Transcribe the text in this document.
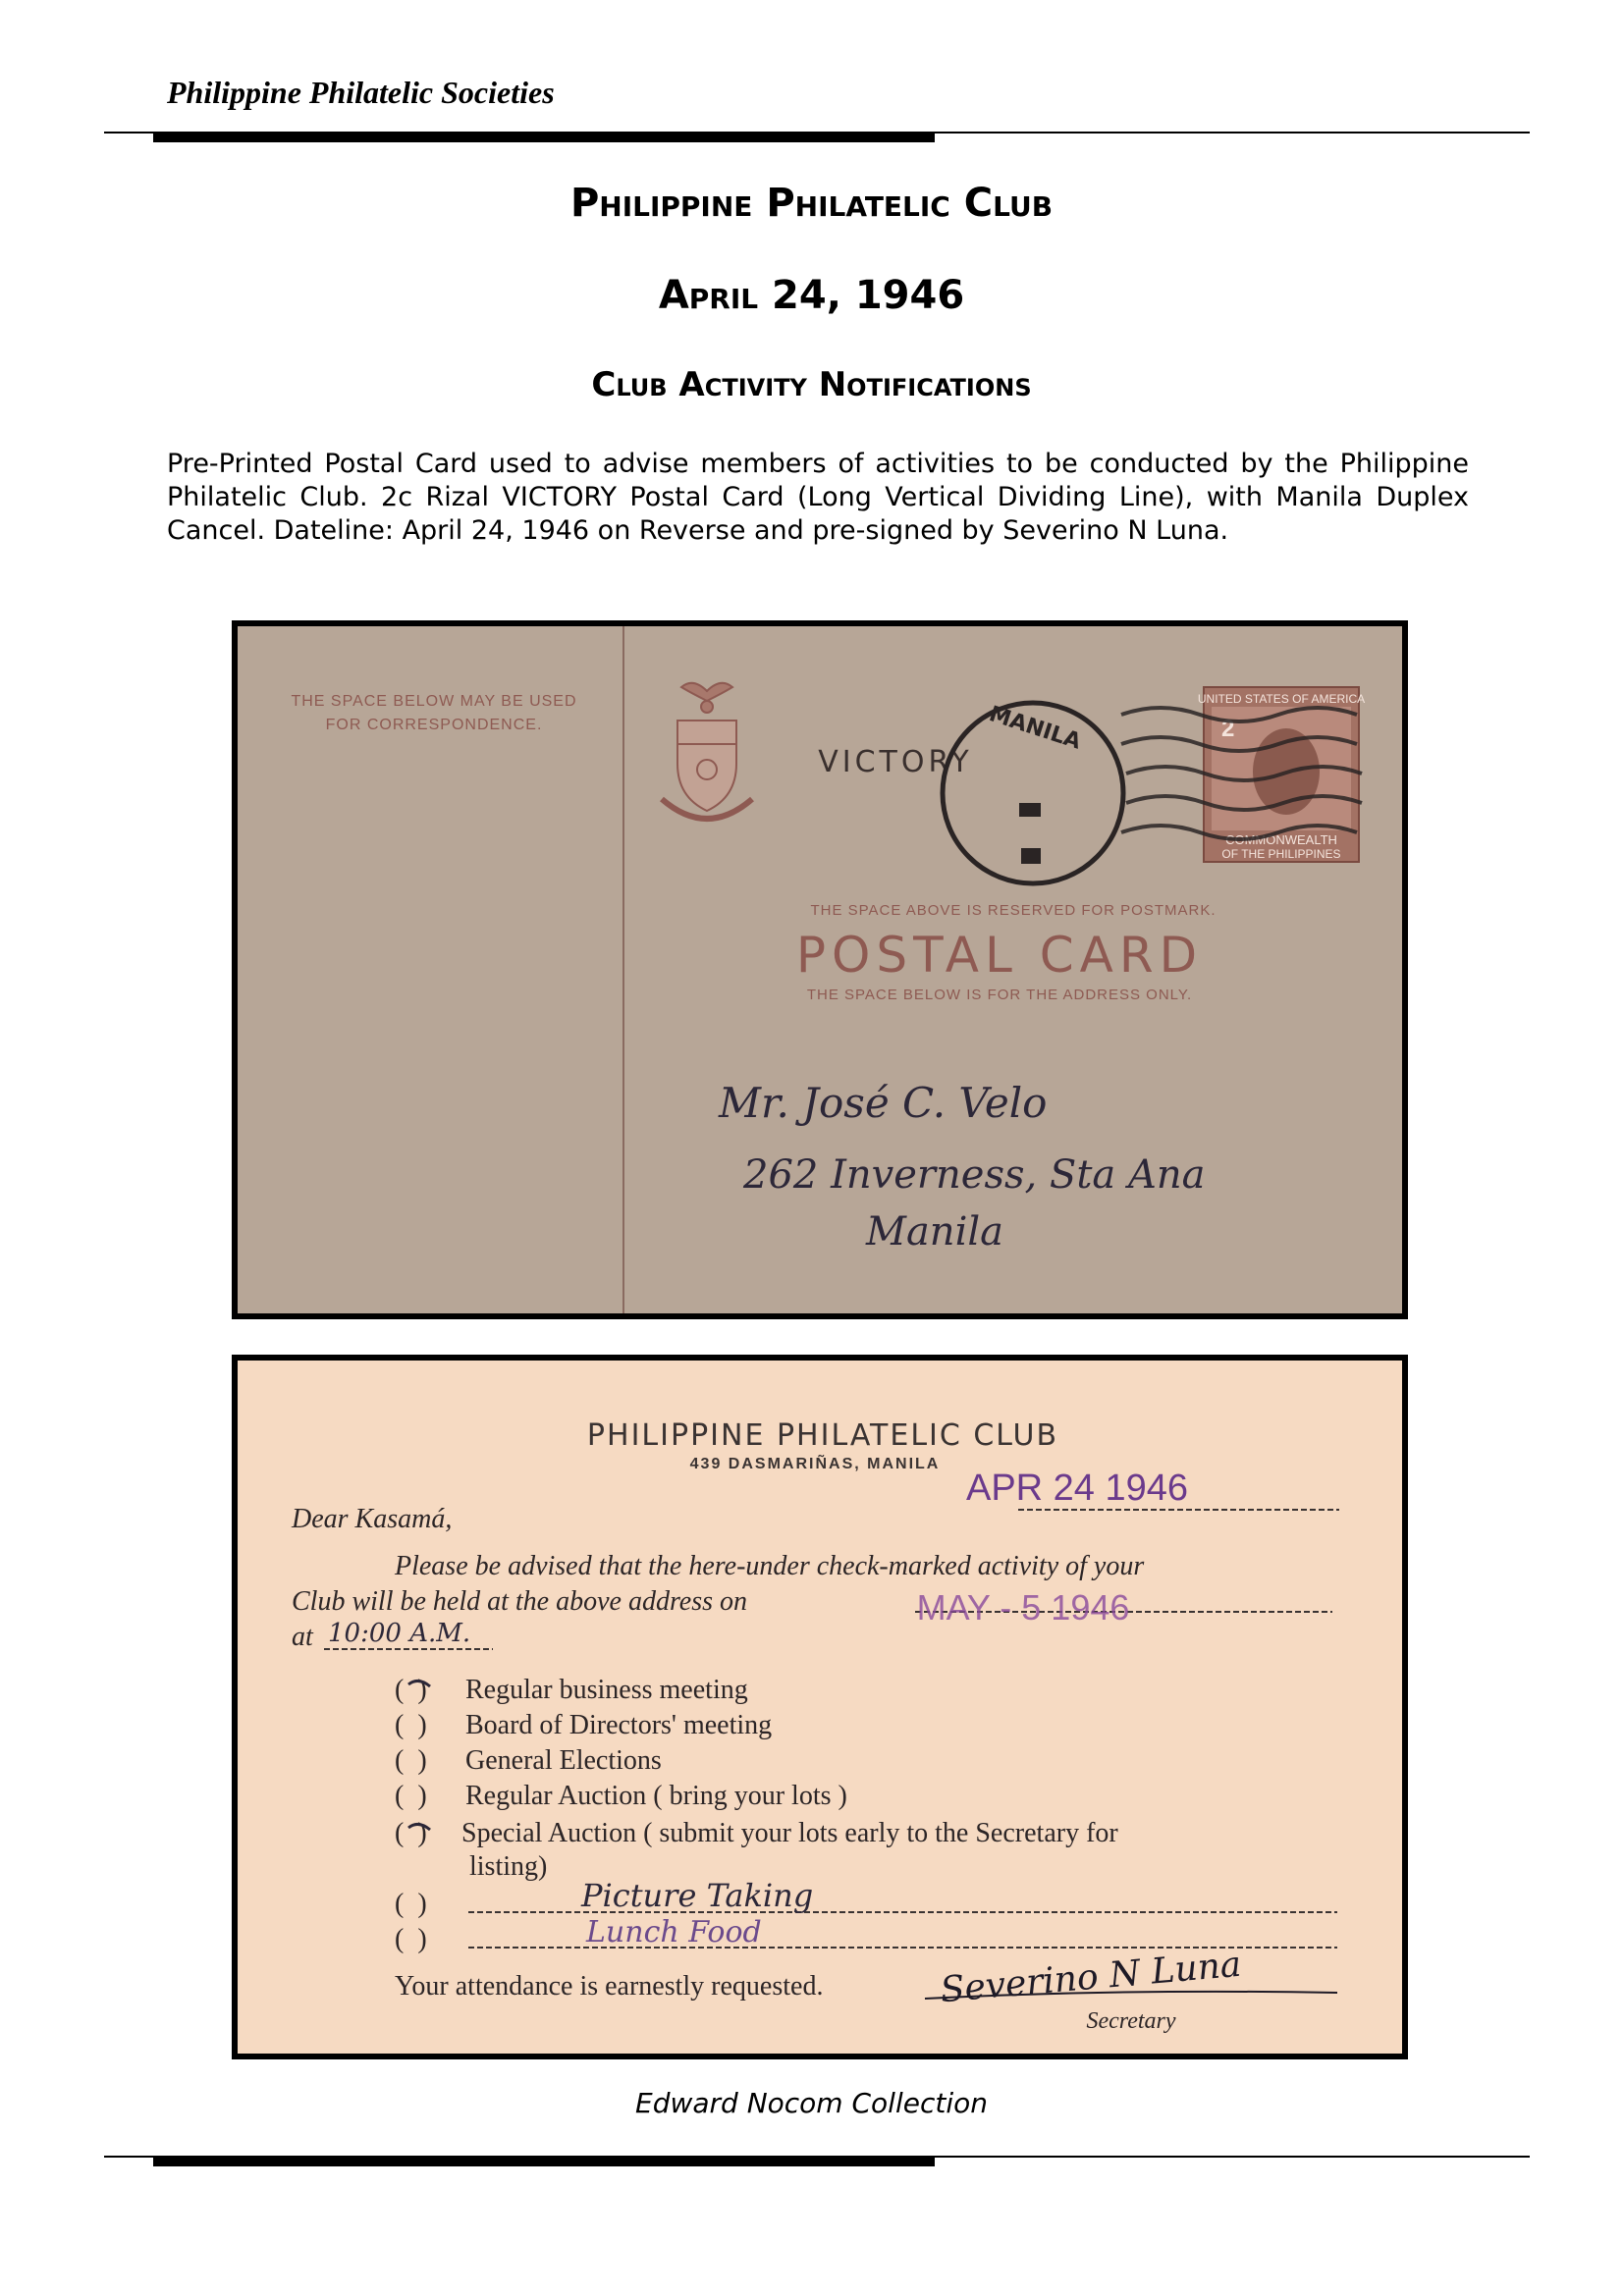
Philippine Philatelic Societies
Philippine Philatelic Club
April 24, 1946
Club Activity Notifications
Pre-Printed Postal Card used to advise members of activities to be conducted by the Philippine Philatelic Club. 2c Rizal VICTORY Postal Card (Long Vertical Dividing Line), with Manila Duplex Cancel. Dateline: April 24, 1946 on Reverse and pre-signed by Severino N Luna.
THE SPACE BELOW MAY BE USED
FOR CORRESPONDENCE.
VICTORY
UNITED STATES OF AMERICA
2
COMMONWEALTH
OF THE PHILIPPINES
MANILA
THE SPACE ABOVE IS RESERVED FOR POSTMARK.
POSTAL CARD
THE SPACE BELOW IS FOR THE ADDRESS ONLY.
Mr. José C. Velo
262 Inverness, Sta Ana
Manila
PHILIPPINE PHILATELIC CLUB
439 DASMARIÑAS, MANILA
APR 24 1946
Dear Kasamá,
Please be advised that the here-under check-marked activity of your
Club will be held at the above address on	MAY - 5 1946
at 10:00 A.M.
(  ) Regular business meeting
(  ) Board of Directors' meeting
(  ) General Elections
(  ) Regular Auction ( bring your lots )
(  ) Special Auction ( submit your lots early to the Secretary for
listing)
(  )
(  )
Picture Taking
Lunch Food
Your attendance is earnestly requested.	Severino N Luna
Secretary
Edward Nocom Collection
